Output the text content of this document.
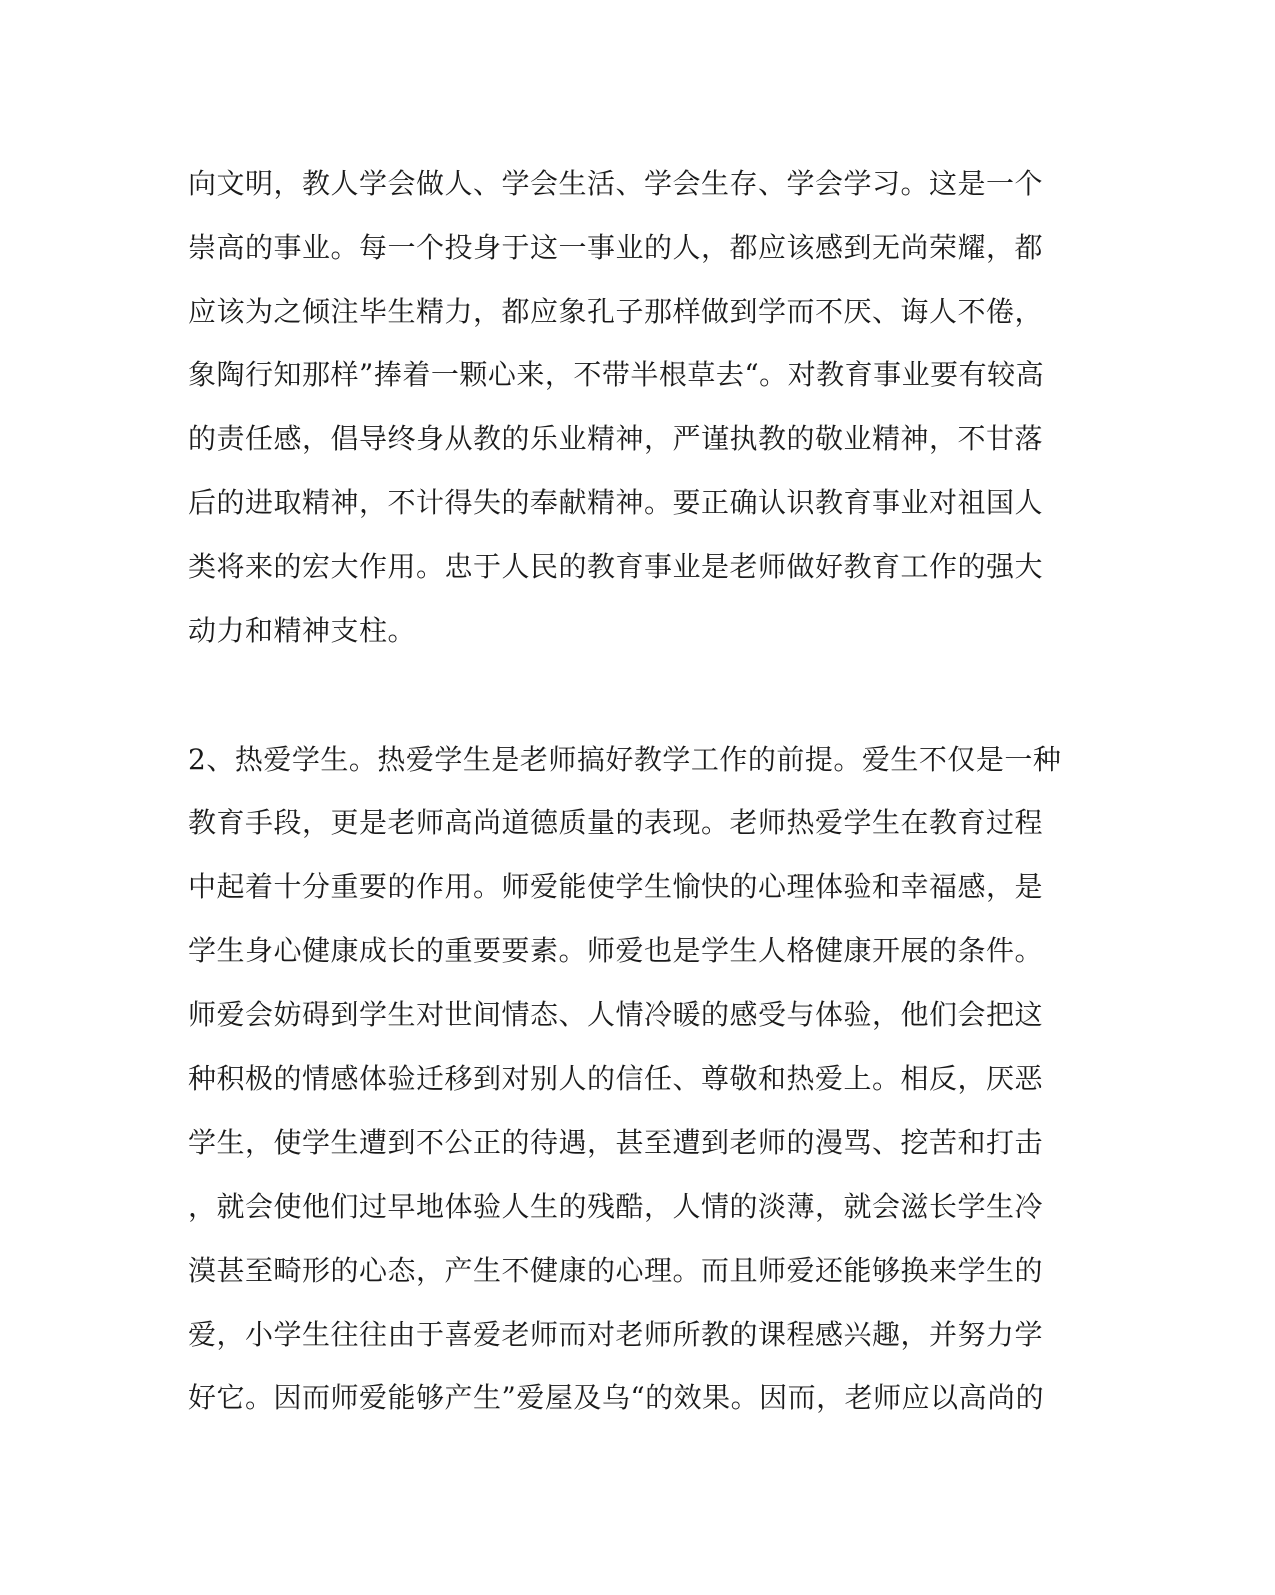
向文明，教人学会做人、学会生活、学会生存、学会学习。这是一个
崇高的事业。每一个投身于这一事业的人，都应该感到无尚荣耀，都
应该为之倾注毕生精力，都应象孔子那样做到学而不厌、诲人不倦，
象陶行知那样”捧着一颗心来，不带半根草去“。对教育事业要有较高
的责任感，倡导终身从教的乐业精神，严谨执教的敬业精神，不甘落
后的进取精神，不计得失的奉献精神。要正确认识教育事业对祖国人
类将来的宏大作用。忠于人民的教育事业是老师做好教育工作的强大
动力和精神支柱。
2、热爱学生。热爱学生是老师搞好教学工作的前提。爱生不仅是一种
教育手段，更是老师高尚道德质量的表现。老师热爱学生在教育过程
中起着十分重要的作用。师爱能使学生愉快的心理体验和幸福感，是
学生身心健康成长的重要要素。师爱也是学生人格健康开展的条件。
师爱会妨碍到学生对世间情态、人情冷暖的感受与体验，他们会把这
种积极的情感体验迁移到对别人的信任、尊敬和热爱上。相反，厌恶
学生，使学生遭到不公正的待遇，甚至遭到老师的漫骂、挖苦和打击
，就会使他们过早地体验人生的残酷，人情的淡薄，就会滋长学生冷
漠甚至畸形的心态，产生不健康的心理。而且师爱还能够换来学生的
爱，小学生往往由于喜爱老师而对老师所教的课程感兴趣，并努力学
好它。因而师爱能够产生”爱屋及乌“的效果。因而，老师应以高尚的
